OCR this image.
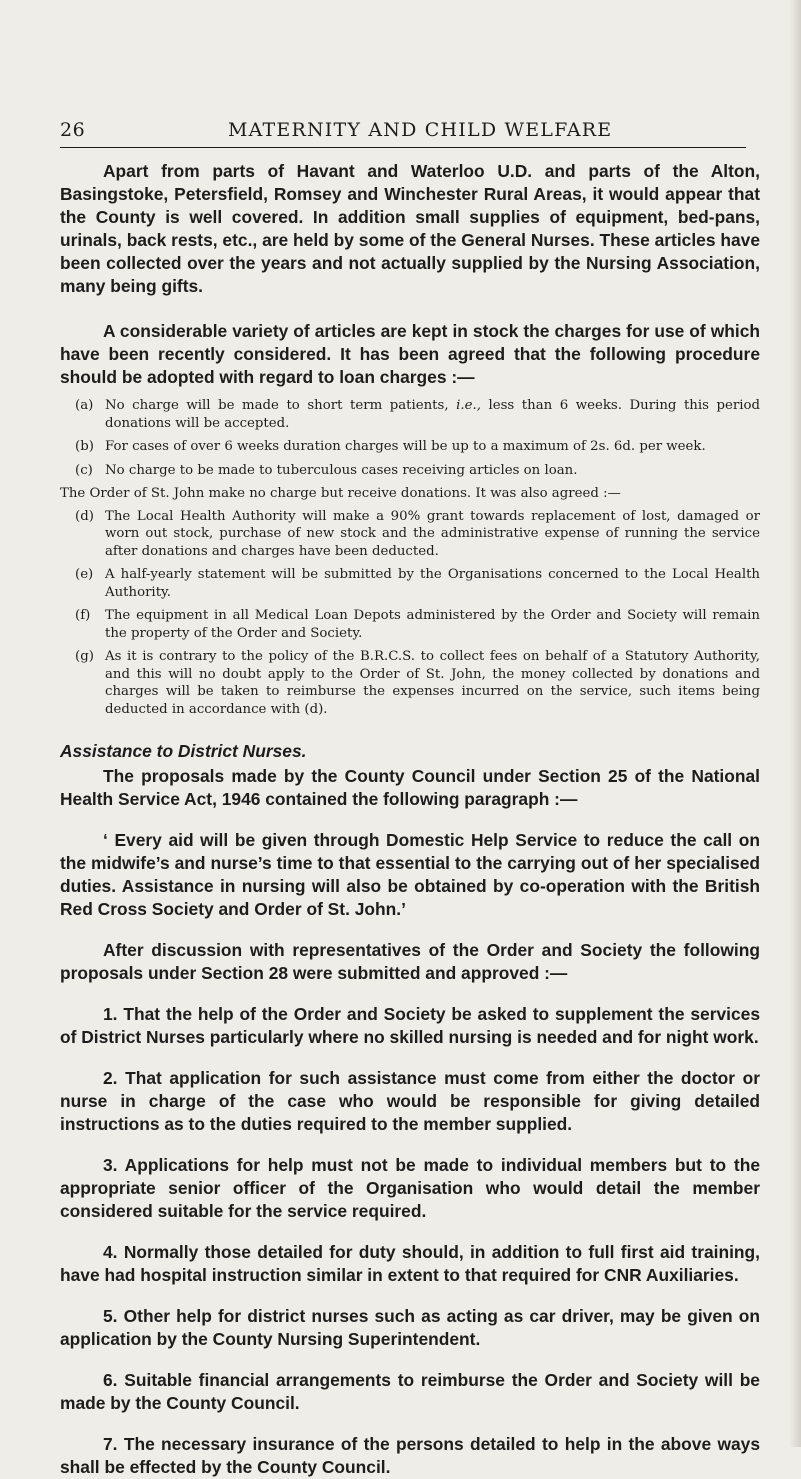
26	MATERNITY AND CHILD WELFARE

Apart from parts of Havant and Waterloo U.D. and parts of the Alton, Basingstoke, Petersfield, Romsey and Winchester Rural Areas, it would appear that the County is well covered. In addition small supplies of equipment, bed-pans, urinals, back rests, etc., are held by some of the General Nurses. These articles have been collected over the years and not actually supplied by the Nursing Association, many being gifts.

A considerable variety of articles are kept in stock the charges for use of which have been recently considered. It has been agreed that the following procedure should be adopted with regard to loan charges :—

(a) No charge will be made to short term patients, i.e., less than 6 weeks. During this period donations will be accepted.
(b) For cases of over 6 weeks duration charges will be up to a maximum of 2s. 6d. per week.
(c) No charge to be made to tuberculous cases receiving articles on loan.

The Order of St. John make no charge but receive donations. It was also agreed :—

(d) The Local Health Authority will make a 90% grant towards replacement of lost, damaged or worn out stock, purchase of new stock and the administrative expense of running the service after donations and charges have been deducted.
(e) A half-yearly statement will be submitted by the Organisations concerned to the Local Health Authority.
(f) The equipment in all Medical Loan Depots administered by the Order and Society will remain the property of the Order and Society.
(g) As it is contrary to the policy of the B.R.C.S. to collect fees on behalf of a Statutory Authority, and this will no doubt apply to the Order of St. John, the money collected by donations and charges will be taken to reimburse the expenses incurred on the service, such items being deducted in accordance with (d).

Assistance to District Nurses.

The proposals made by the County Council under Section 25 of the National Health Service Act, 1946 contained the following paragraph :—

‘ Every aid will be given through Domestic Help Service to reduce the call on the midwife’s and nurse’s time to that essential to the carrying out of her specialised duties. Assistance in nursing will also be obtained by co-operation with the British Red Cross Society and Order of St. John.’

After discussion with representatives of the Order and Society the following proposals under Section 28 were submitted and approved :—

1. That the help of the Order and Society be asked to supplement the services of District Nurses particularly where no skilled nursing is needed and for night work.

2. That application for such assistance must come from either the doctor or nurse in charge of the case who would be responsible for giving detailed instructions as to the duties required to the member supplied.

3. Applications for help must not be made to individual members but to the appropriate senior officer of the Organisation who would detail the member considered suitable for the service required.

4. Normally those detailed for duty should, in addition to full first aid training, have had hospital instruction similar in extent to that required for CNR Auxiliaries.

5. Other help for district nurses such as acting as car driver, may be given on application by the County Nursing Superintendent.

6. Suitable financial arrangements to reimburse the Order and Society will be made by the County Council.

7. The necessary insurance of the persons detailed to help in the above ways shall be effected by the County Council.
